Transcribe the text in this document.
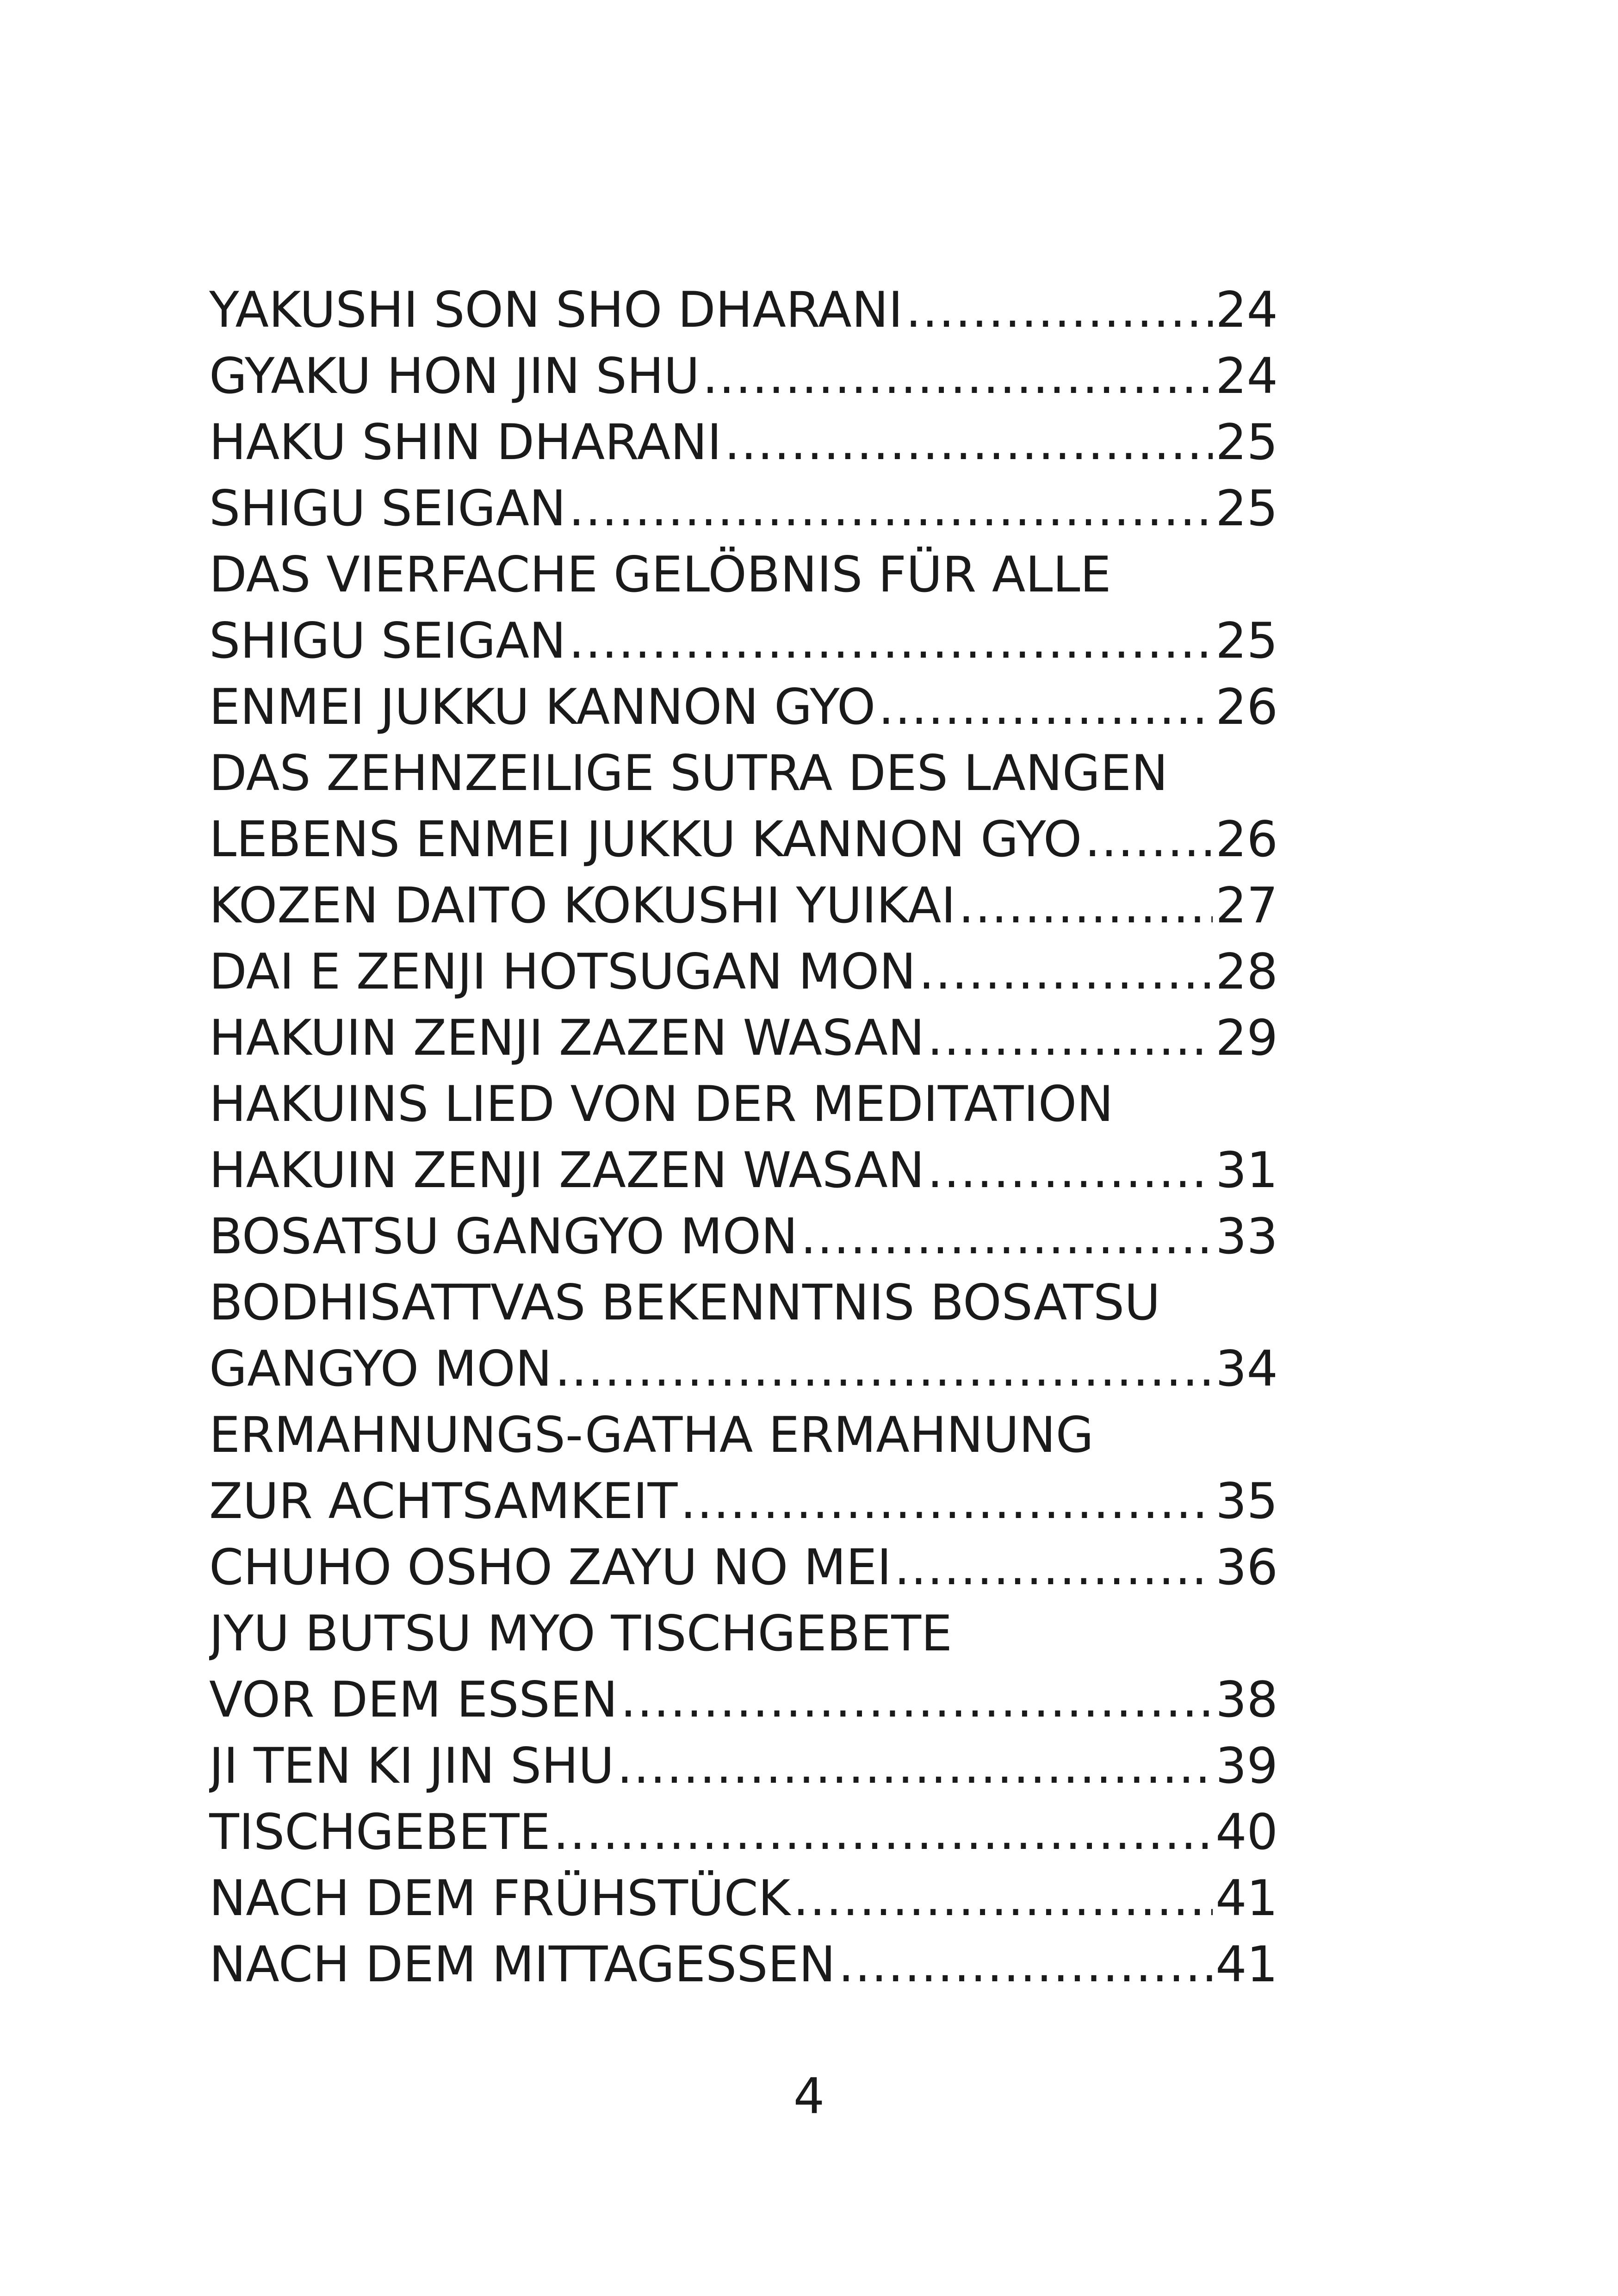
YAKUSHI SON SHO DHARANI .....	24
GYAKU HON JIN SHU .....	24
HAKU SHIN DHARANI .....	25
SHIGU SEIGAN .....	25
DAS VIERFACHE GELÖBNIS FÜR ALLE
SHIGU SEIGAN .....	25
ENMEI JUKKU KANNON GYO .....	26
DAS ZEHNZEILIGE SUTRA DES LANGEN
LEBENS ENMEI JUKKU KANNON GYO .....	26
KOZEN DAITO KOKUSHI YUIKAI .....	27
DAI E ZENJI HOTSUGAN MON .....	28
HAKUIN ZENJI ZAZEN WASAN .....	29
HAKUINS LIED VON DER MEDITATION
HAKUIN ZENJI ZAZEN WASAN .....	31
BOSATSU GANGYO MON .....	33
BODHISATTVAS BEKENNTNIS BOSATSU
GANGYO MON .....	34
ERMAHNUNGS-GATHA ERMAHNUNG
ZUR ACHTSAMKEIT .....	35
CHUHO OSHO ZAYU NO MEI .....	36
JYU BUTSU MYO TISCHGEBETE
VOR DEM ESSEN .....	38
JI TEN KI JIN SHU .....	39
TISCHGEBETE .....	40
NACH DEM FRÜHSTÜCK .....	41
NACH DEM MITTAGESSEN .....	41
4
